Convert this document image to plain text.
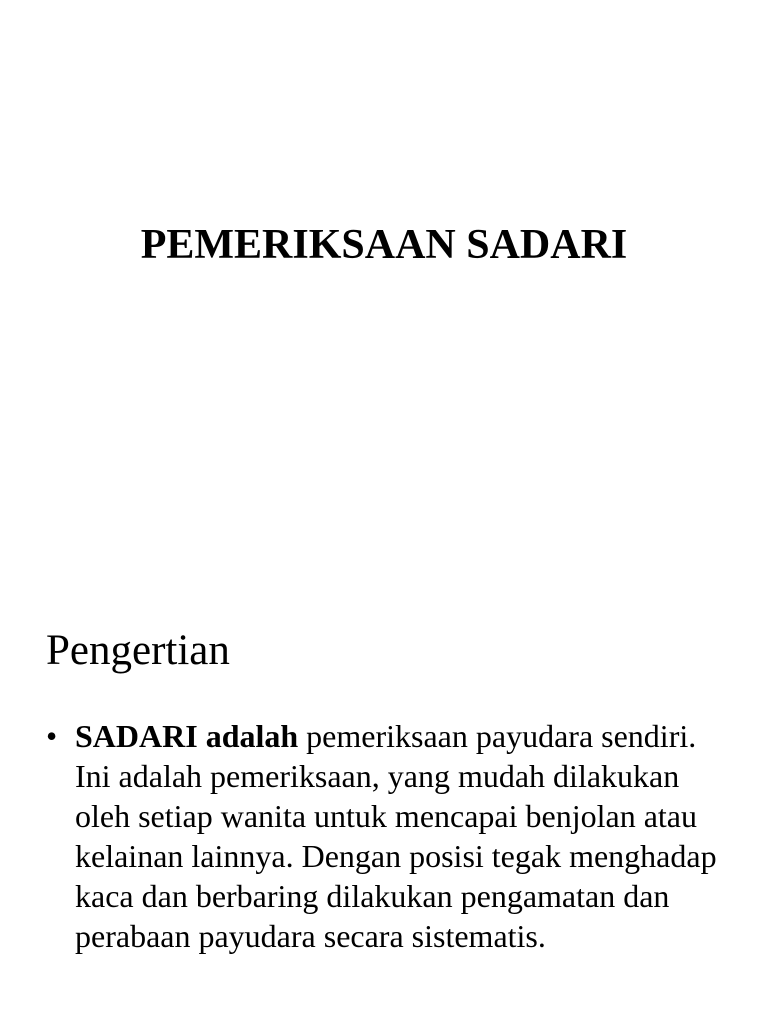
PEMERIKSAAN SADARI
Pengertian
• SADARI adalah pemeriksaan payudara sendiri. Ini adalah pemeriksaan, yang mudah dilakukan oleh setiap wanita untuk mencapai benjolan atau kelainan lainnya. Dengan posisi tegak menghadap kaca dan berbaring dilakukan pengamatan dan perabaan payudara secara sistematis.
